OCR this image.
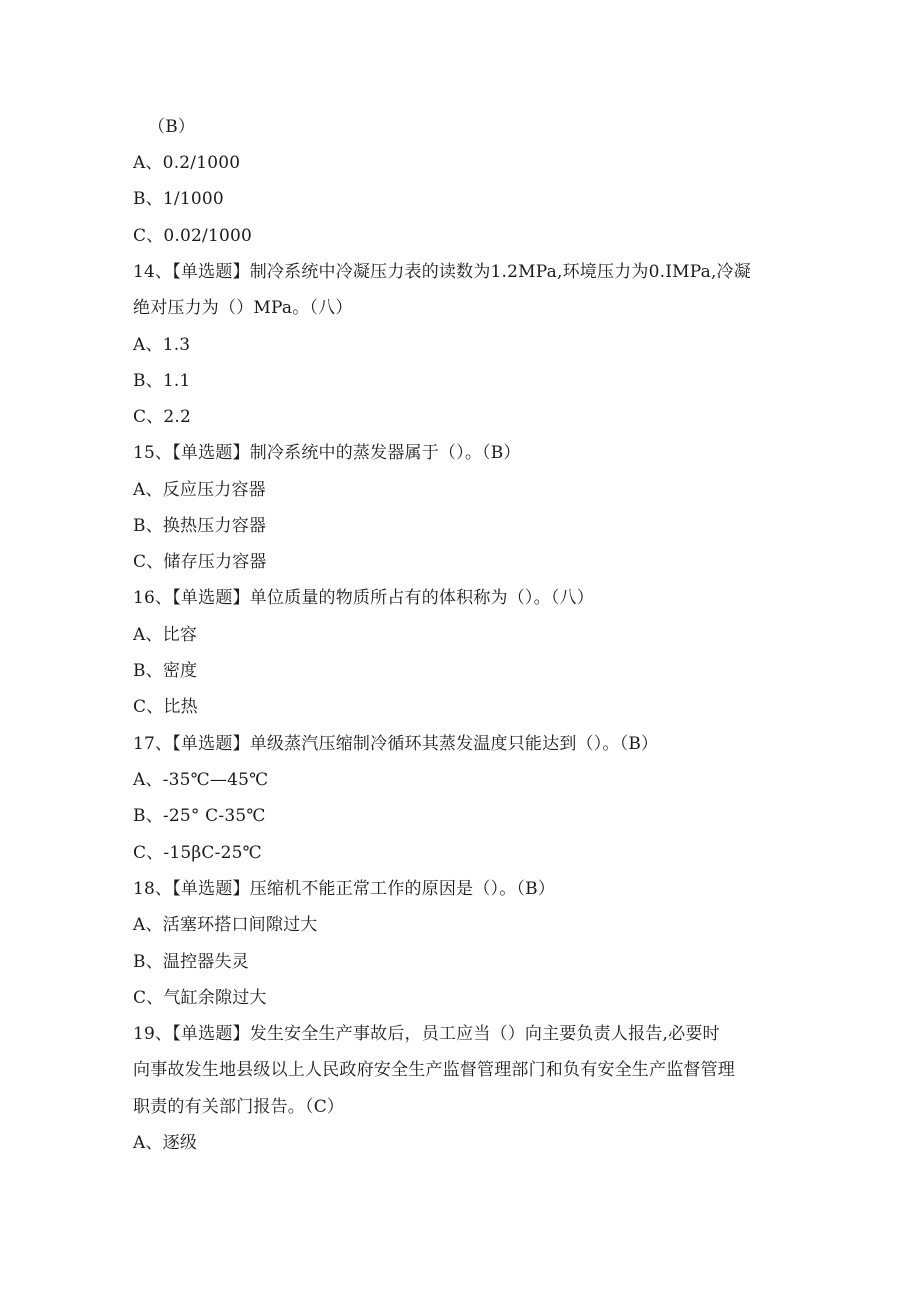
（B）
A、0.2/1000
B、1/1000
C、0.02/1000
14、【单选题】制冷系统中冷凝压力表的读数为1.2MPa,环境压力为0.IMPa,冷凝
绝对压力为（）MPa。（八）
A、1.3
B、1.1
C、2.2
15、【单选题】制冷系统中的蒸发器属于（）。（B）
A、反应压力容器
B、换热压力容器
C、储存压力容器
16、【单选题】单位质量的物质所占有的体积称为（）。（八）
A、比容
B、密度
C、比热
17、【单选题】单级蒸汽压缩制冷循环其蒸发温度只能达到（）。（B）
A、-35℃—45℃
B、-25° C-35℃
C、-15βC-25℃
18、【单选题】压缩机不能正常工作的原因是（）。（B）
A、活塞环搭口间隙过大
B、温控器失灵
C、气缸余隙过大
19、【单选题】发生安全生产事故后，员工应当（）向主要负责人报告,必要时
向事故发生地县级以上人民政府安全生产监督管理部门和负有安全生产监督管理
职责的有关部门报告。（C）
A、逐级
